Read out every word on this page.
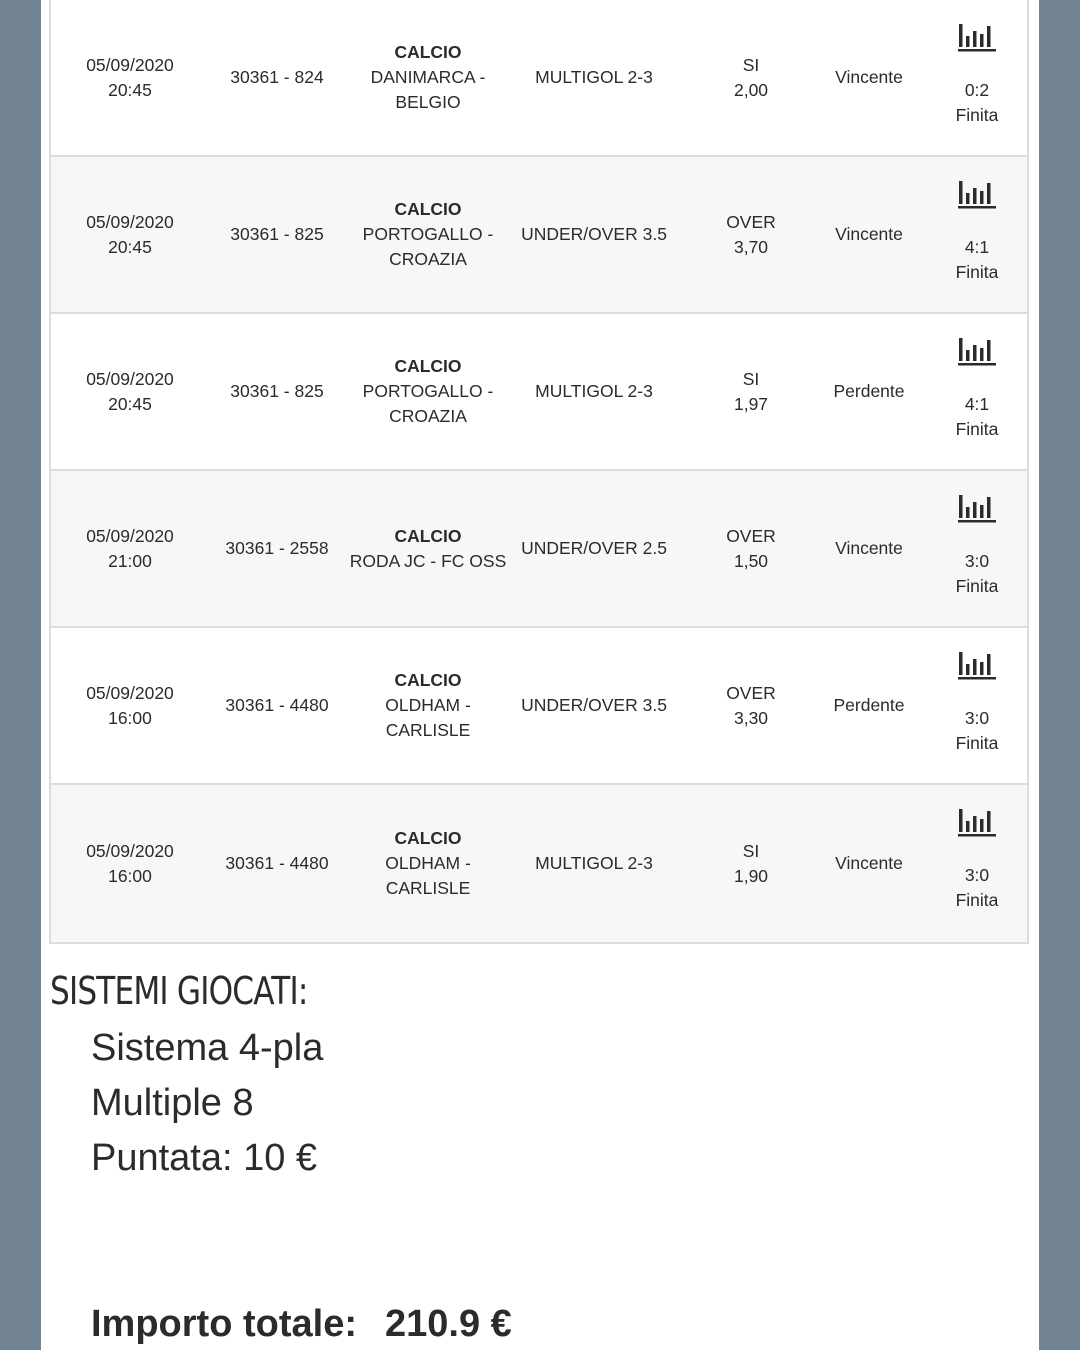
05/09/2020
20:45
30361 - 824
CALCIO
DANIMARCA -
BELGIO
MULTIGOL 2-3
SI
2,00
Vincente
0:2
Finita
05/09/2020
20:45
30361 - 825
CALCIO
PORTOGALLO -
CROAZIA
UNDER/OVER 3.5
OVER
3,70
Vincente
4:1
Finita
05/09/2020
20:45
30361 - 825
CALCIO
PORTOGALLO -
CROAZIA
MULTIGOL 2-3
SI
1,97
Perdente
4:1
Finita
05/09/2020
21:00
30361 - 2558
CALCIO
RODA JC - FC OSS
UNDER/OVER 2.5
OVER
1,50
Vincente
3:0
Finita
05/09/2020
16:00
30361 - 4480
CALCIO
OLDHAM -
CARLISLE
UNDER/OVER 3.5
OVER
3,30
Perdente
3:0
Finita
05/09/2020
16:00
30361 - 4480
CALCIO
OLDHAM -
CARLISLE
MULTIGOL 2-3
SI
1,90
Vincente
3:0
Finita
SISTEMI GIOCATI:
Sistema 4-pla
Multiple 8
Puntata: 10 €
Importo totale: 210.9 €
